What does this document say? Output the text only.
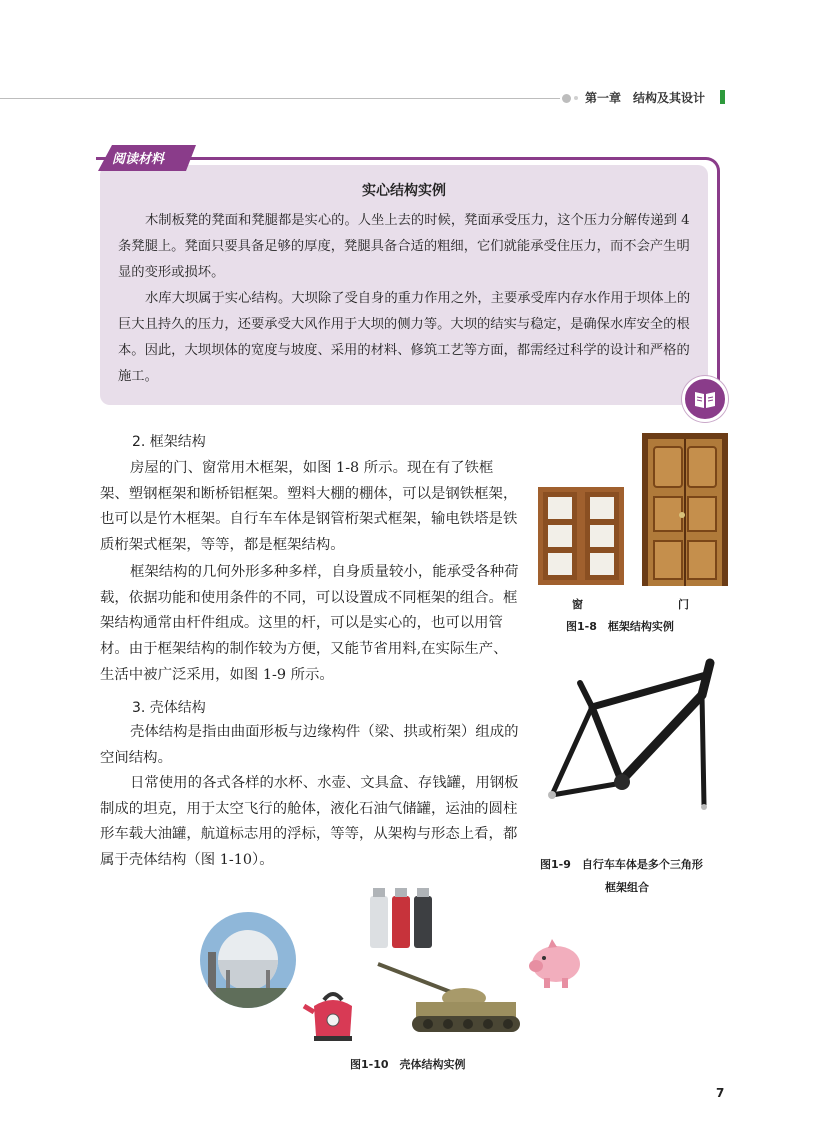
第一章　结构及其设计
阅读材料
实心结构实例
木制板凳的凳面和凳腿都是实心的。人坐上去的时候，凳面承受压力，这个压力分解传递到 4 条凳腿上。凳面只要具备足够的厚度，凳腿具备合适的粗细，它们就能承受住压力，而不会产生明显的变形或损坏。
水库大坝属于实心结构。大坝除了受自身的重力作用之外，主要承受库内存水作用于坝体上的巨大且持久的压力，还要承受大风作用于大坝的侧力等。大坝的结实与稳定，是确保水库安全的根本。因此，大坝坝体的宽度与坡度、采用的材料、修筑工艺等方面，都需经过科学的设计和严格的施工。
2. 框架结构
房屋的门、窗常用木框架，如图 1-8 所示。现在有了铁框架、塑钢框架和断桥铝框架。塑料大棚的棚体，可以是钢铁框架，也可以是竹木框架。自行车车体是钢管桁架式框架，输电铁塔是铁质桁架式框架，等等，都是框架结构。
框架结构的几何外形多种多样，自身质量较小，能承受各种荷载，依据功能和使用条件的不同，可以设置成不同框架的组合。框架结构通常由杆件组成。这里的杆，可以是实心的，也可以用管材。由于框架结构的制作较为方便，又能节省用料,在实际生产、生活中被广泛采用，如图 1-9 所示。
3. 壳体结构
壳体结构是指由曲面形板与边缘构件（梁、拱或桁架）组成的空间结构。
日常使用的各式各样的水杯、水壶、文具盒、存钱罐，用钢板制成的坦克，用于太空飞行的舱体，液化石油气储罐，运油的圆柱形车载大油罐，航道标志用的浮标，等等，从架构与形态上看，都属于壳体结构（图 1-10）。
窗	门
图1-8　框架结构实例
图1-9　自行车车体是多个三角形
框架组合
图1-10　壳体结构实例
7
